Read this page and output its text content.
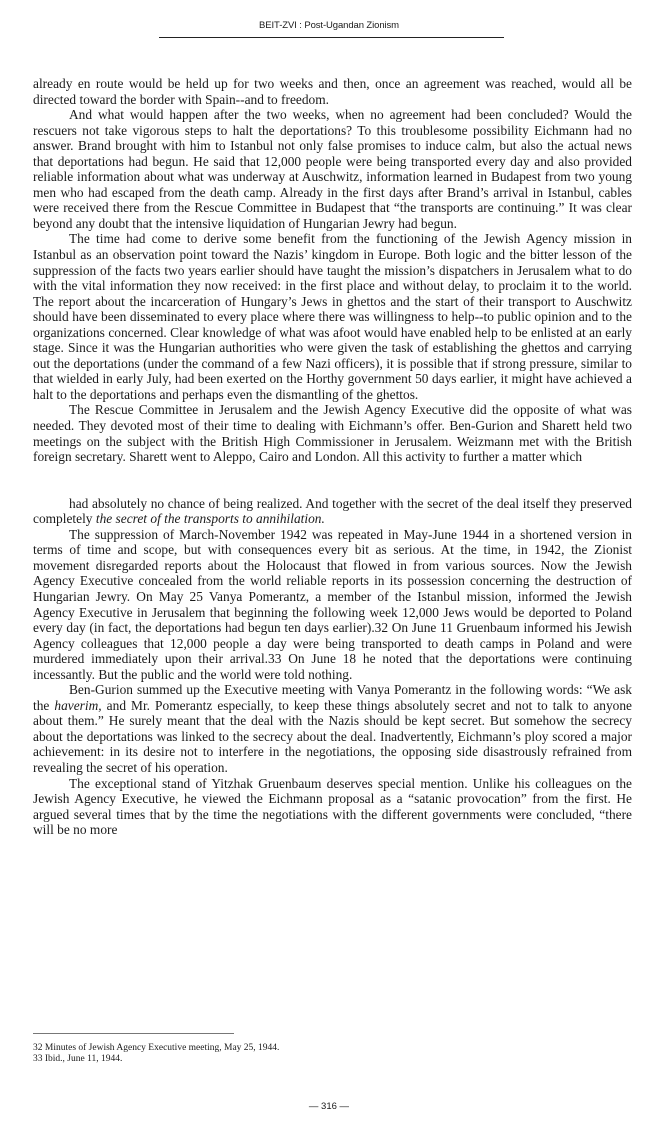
BEIT-ZVI : Post-Ugandan Zionism

already en route would be held up for two weeks and then, once an agreement was reached, would all be directed toward the border with Spain--and to freedom.

And what would happen after the two weeks, when no agreement had been concluded? Would the rescuers not take vigorous steps to halt the deportations? To this troublesome possibility Eichmann had no answer. Brand brought with him to Istanbul not only false promises to induce calm, but also the actual news that deportations had begun. He said that 12,000 people were being transported every day and also provided reliable information about what was underway at Auschwitz, information learned in Budapest from two young men who had escaped from the death camp. Already in the first days after Brand’s arrival in Istanbul, cables were received there from the Rescue Committee in Budapest that “the transports are continuing.” It was clear beyond any doubt that the intensive liquidation of Hungarian Jewry had begun.

The time had come to derive some benefit from the functioning of the Jewish Agency mission in Istanbul as an observation point toward the Nazis’ kingdom in Europe. Both logic and the bitter lesson of the suppression of the facts two years earlier should have taught the mission’s dispatchers in Jerusalem what to do with the vital information they now received: in the first place and without delay, to proclaim it to the world. The report about the incarceration of Hungary’s Jews in ghettos and the start of their transport to Auschwitz should have been disseminated to every place where there was willingness to help--to public opinion and to the organizations concerned. Clear knowledge of what was afoot would have enabled help to be enlisted at an early stage. Since it was the Hungarian authorities who were given the task of establishing the ghettos and carrying out the deportations (under the command of a few Nazi officers), it is possible that if strong pressure, similar to that wielded in early July, had been exerted on the Horthy government 50 days earlier, it might have achieved a halt to the deportations and perhaps even the dismantling of the ghettos.

The Rescue Committee in Jerusalem and the Jewish Agency Executive did the opposite of what was needed. They devoted most of their time to dealing with Eichmann’s offer. Ben-Gurion and Sharett held two meetings on the subject with the British High Commissioner in Jerusalem. Weizmann met with the British foreign secretary. Sharett went to Aleppo, Cairo and London. All this activity to further a matter which

had absolutely no chance of being realized. And together with the secret of the deal itself they preserved completely the secret of the transports to annihilation.

The suppression of March-November 1942 was repeated in May-June 1944 in a shortened version in terms of time and scope, but with consequences every bit as serious. At the time, in 1942, the Zionist movement disregarded reports about the Holocaust that flowed in from various sources. Now the Jewish Agency Executive concealed from the world reliable reports in its possession concerning the destruction of Hungarian Jewry. On May 25 Vanya Pomerantz, a member of the Istanbul mission, informed the Jewish Agency Executive in Jerusalem that beginning the following week 12,000 Jews would be deported to Poland every day (in fact, the deportations had begun ten days earlier).32 On June 11 Gruenbaum informed his Jewish Agency colleagues that 12,000 people a day were being transported to death camps in Poland and were murdered immediately upon their arrival.33 On June 18 he noted that the deportations were continuing incessantly. But the public and the world were told nothing.

Ben-Gurion summed up the Executive meeting with Vanya Pomerantz in the following words: “We ask the haverim, and Mr. Pomerantz especially, to keep these things absolutely secret and not to talk to anyone about them.” He surely meant that the deal with the Nazis should be kept secret. But somehow the secrecy about the deportations was linked to the secrecy about the deal. Inadvertently, Eichmann’s ploy scored a major achievement: in its desire not to interfere in the negotiations, the opposing side disastrously refrained from revealing the secret of his operation.

The exceptional stand of Yitzhak Gruenbaum deserves special mention. Unlike his colleagues on the Jewish Agency Executive, he viewed the Eichmann proposal as a “satanic provocation” from the first. He argued several times that by the time the negotiations with the different governments were concluded, “there will be no more

32 Minutes of Jewish Agency Executive meeting, May 25, 1944.
33 Ibid., June 11, 1944.
— 316 —
